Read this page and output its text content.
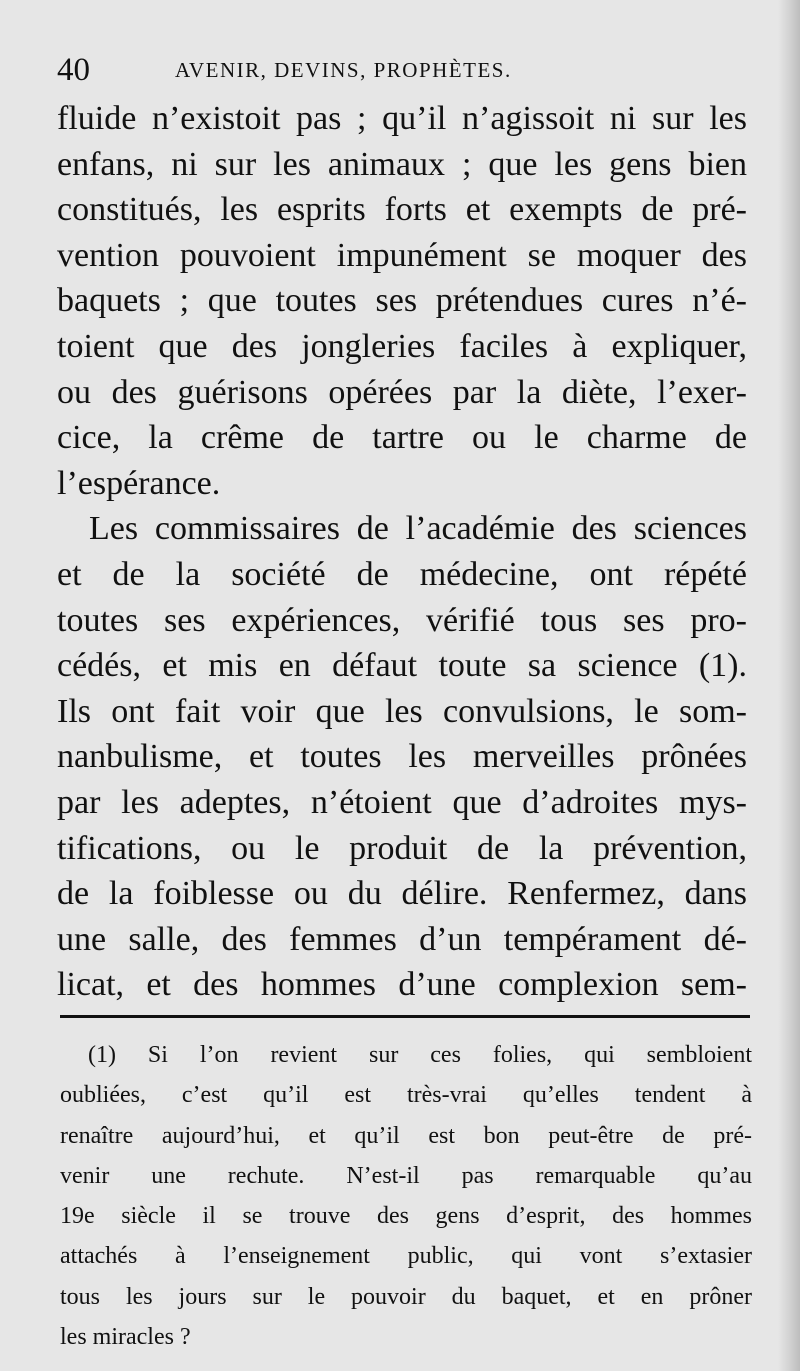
40	AVENIR, DEVINS, PROPHÈTES.
fluide n’existoit pas ; qu’il n’agissoit ni sur les
enfans, ni sur les animaux ; que les gens bien
constitués, les esprits forts et exempts de pré-
vention pouvoient impunément se moquer des
baquets ; que toutes ses prétendues cures n’é-
toient que des jongleries faciles à expliquer,
ou des guérisons opérées par la diète, l’exer-
cice, la crême de tartre ou le charme de
l’espérance.
Les commissaires de l’académie des sciences
et de la société de médecine, ont répété
toutes ses expériences, vérifié tous ses pro-
cédés, et mis en défaut toute sa science (1).
Ils ont fait voir que les convulsions, le som-
nanbulisme, et toutes les merveilles prônées
par les adeptes, n’étoient que d’adroites mys-
tifications, ou le produit de la prévention,
de la foiblesse ou du délire. Renfermez, dans
une salle, des femmes d’un tempérament dé-
licat, et des hommes d’une complexion sem-
(1) Si l’on revient sur ces folies, qui sembloient
oubliées, c’est qu’il est très-vrai qu’elles tendent à
renaître aujourd’hui, et qu’il est bon peut-être de pré-
venir une rechute. N’est-il pas remarquable qu’au
19e siècle il se trouve des gens d’esprit, des hommes
attachés à l’enseignement public, qui vont s’extasier
tous les jours sur le pouvoir du baquet, et en prôner
les miracles ?
